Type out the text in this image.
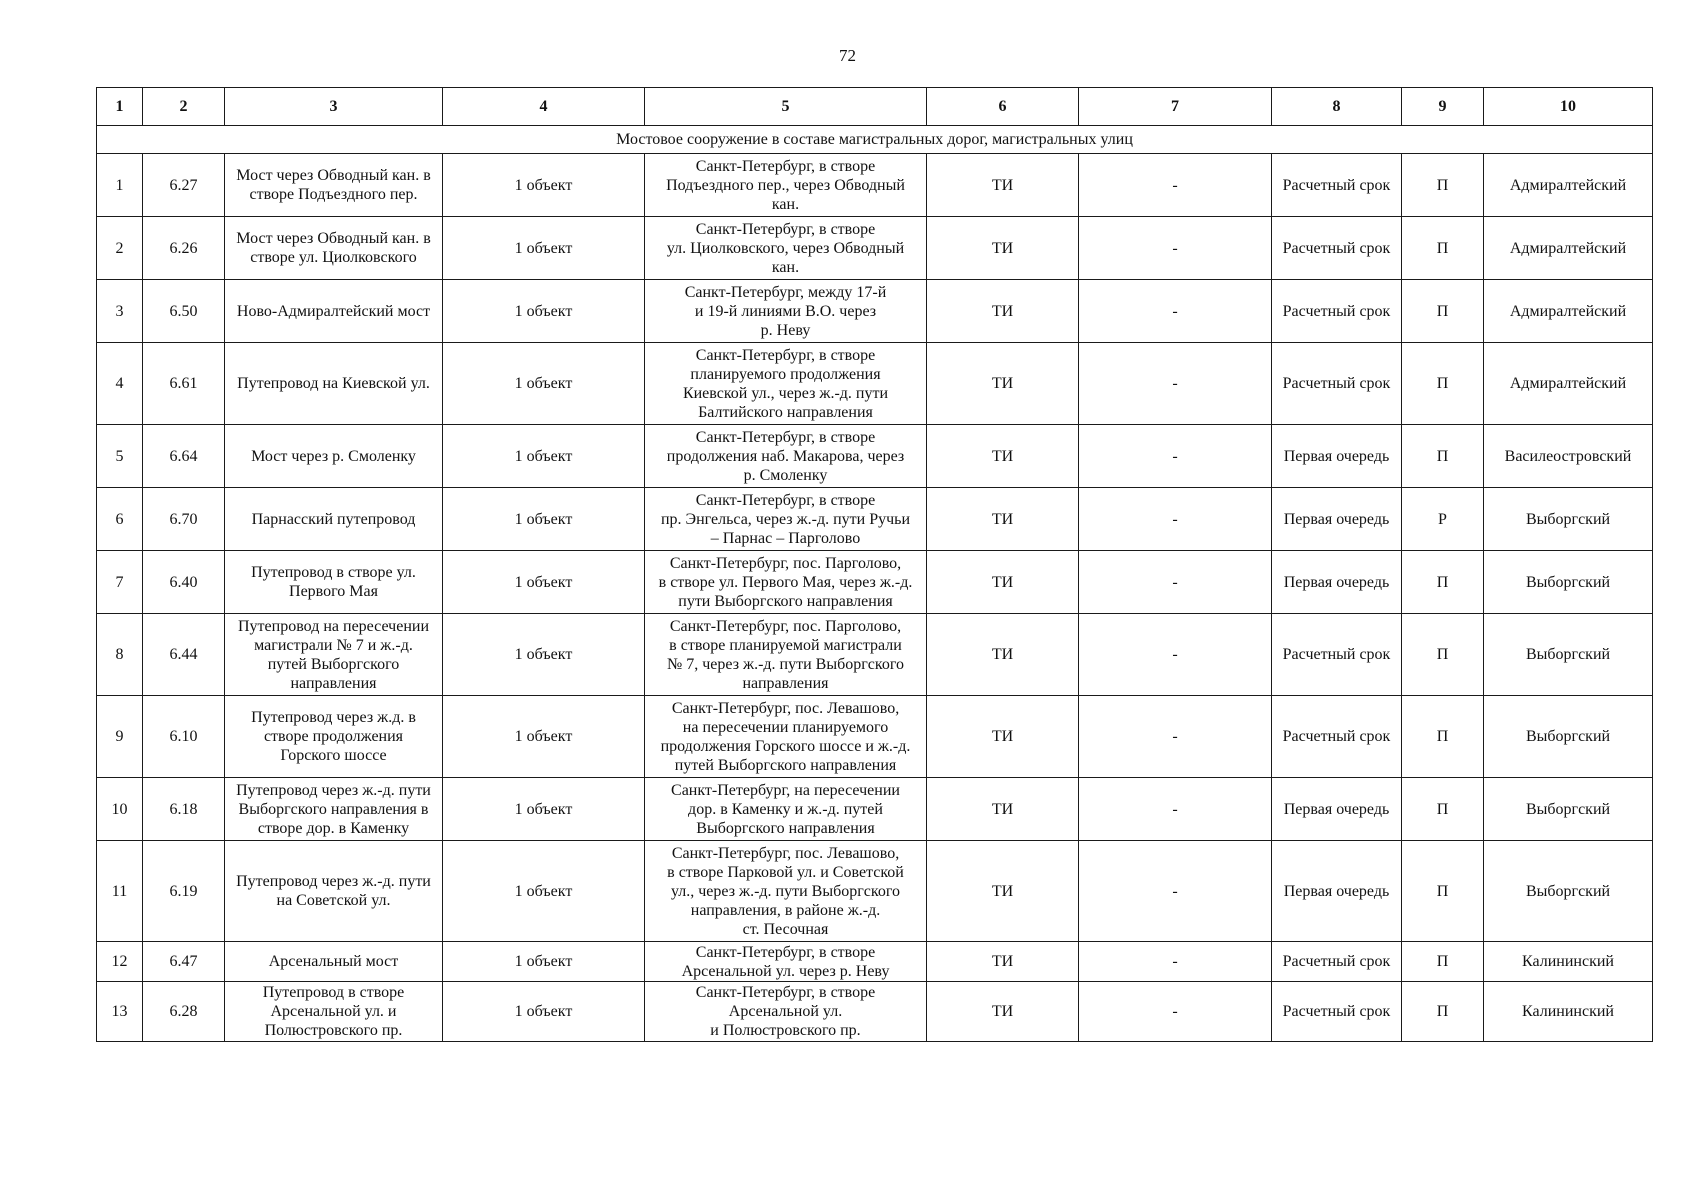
72
1	2	3	4	5	6	7	8	9	10
Мостовое сооружение в составе магистральных дорог, магистральных улиц									
1	6.27	Мост через Обводный кан. в створе Подъездного пер.	1 объект	Санкт-Петербург, в створе
Подъездного пер., через Обводный
кан.	ТИ	-	Расчетный срок	П	Адмиралтейский
2	6.26	Мост через Обводный кан. в створе ул. Циолковского	1 объект	Санкт-Петербург, в створе
ул. Циолковского, через Обводный
кан.	ТИ	-	Расчетный срок	П	Адмиралтейский
3	6.50	Ново-Адмиралтейский мост	1 объект	Санкт-Петербург, между 17-й
и 19-й линиями В.О. через
р. Неву	ТИ	-	Расчетный срок	П	Адмиралтейский
4	6.61	Путепровод на Киевской ул.	1 объект	Санкт-Петербург, в створе
планируемого продолжения
Киевской ул., через ж.-д. пути
Балтийского направления	ТИ	-	Расчетный срок	П	Адмиралтейский
5	6.64	Мост через р. Смоленку	1 объект	Санкт-Петербург, в створе
продолжения наб. Макарова, через
р. Смоленку	ТИ	-	Первая очередь	П	Василеостровский
6	6.70	Парнасский путепровод	1 объект	Санкт-Петербург, в створе
пр. Энгельса, через ж.-д. пути Ручьи
– Парнас – Парголово	ТИ	-	Первая очередь	Р	Выборгский
7	6.40	Путепровод в створе ул.
Первого Мая	1 объект	Санкт-Петербург, пос. Парголово,
в створе ул. Первого Мая, через ж.-д.
пути Выборгского направления	ТИ	-	Первая очередь	П	Выборгский
8	6.44	Путепровод на пересечении
магистрали № 7 и ж.-д.
путей Выборгского
направления	1 объект	Санкт-Петербург, пос. Парголово,
в створе планируемой магистрали
№ 7, через ж.-д. пути Выборгского
направления	ТИ	-	Расчетный срок	П	Выборгский
9	6.10	Путепровод через ж.д. в
створе продолжения
Горского шоссе	1 объект	Санкт-Петербург, пос. Левашово,
на пересечении планируемого
продолжения Горского шоссе и ж.-д.
путей Выборгского направления	ТИ	-	Расчетный срок	П	Выборгский
10	6.18	Путепровод через ж.-д. пути
Выборгского направления в
створе дор. в Каменку	1 объект	Санкт-Петербург, на пересечении
дор. в Каменку и ж.-д. путей
Выборгского направления	ТИ	-	Первая очередь	П	Выборгский
11	6.19	Путепровод через ж.-д. пути
на Советской ул.	1 объект	Санкт-Петербург, пос. Левашово,
в створе Парковой ул. и Советской
ул., через ж.-д. пути Выборгского
направления, в районе ж.-д.
ст. Песочная	ТИ	-	Первая очередь	П	Выборгский
12	6.47	Арсенальный мост	1 объект	Санкт-Петербург, в створе
Арсенальной ул. через р. Неву	ТИ	-	Расчетный срок	П	Калининский
13	6.28	Путепровод в створе
Арсенальной ул. и
Полюстровского пр.	1 объект	Санкт-Петербург, в створе
Арсенальной ул.
и Полюстровского пр.	ТИ	-	Расчетный срок	П	Калининский
